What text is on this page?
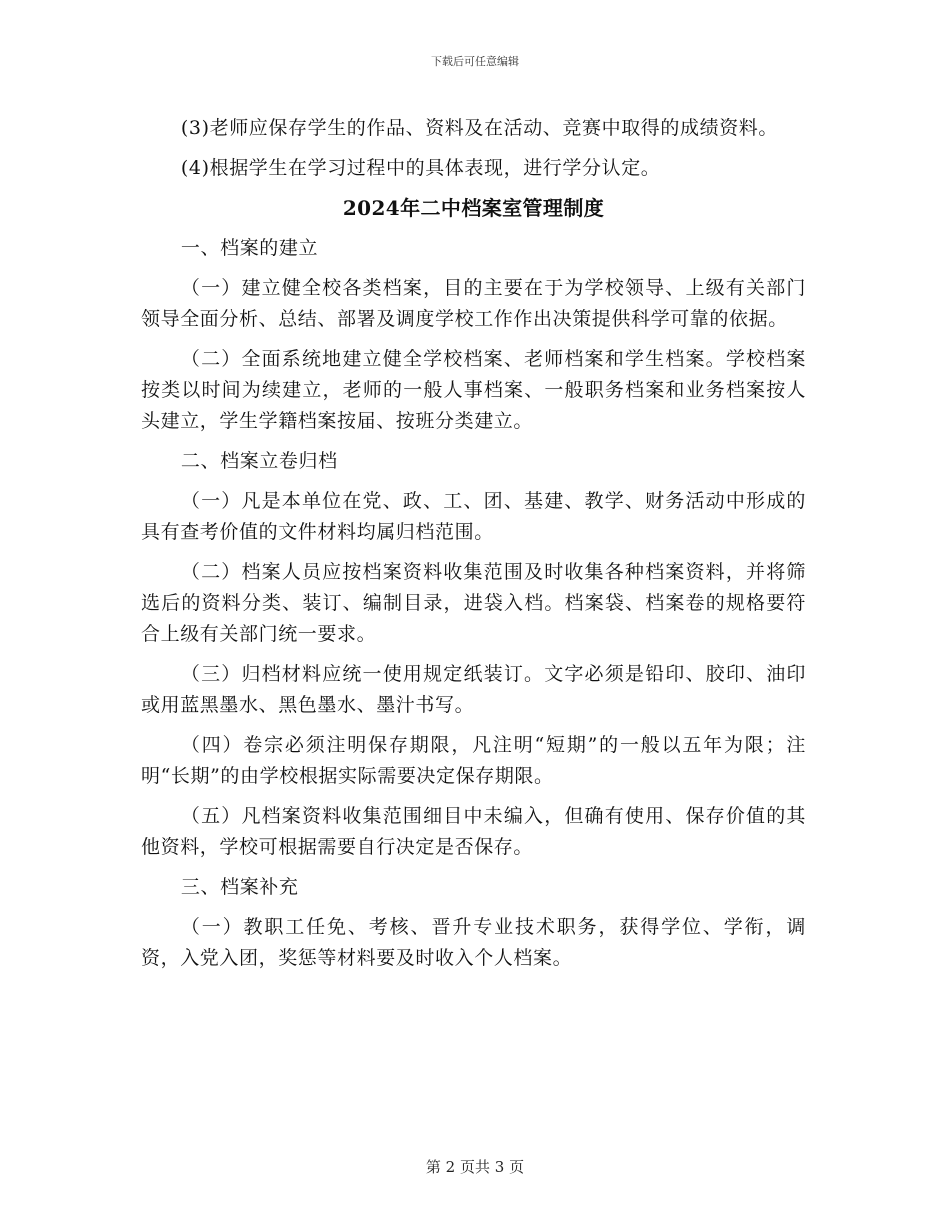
下载后可任意编辑

(3)老师应保存学生的作品、资料及在活动、竞赛中取得的成绩资料。

(4)根据学生在学习过程中的具体表现，进行学分认定。

2024年二中档案室管理制度
一、档案的建立

（一）建立健全校各类档案，目的主要在于为学校领导、上级有关部门领导全面分析、总结、部署及调度学校工作作出决策提供科学可靠的依据。

（二）全面系统地建立健全学校档案、老师档案和学生档案。学校档案按类以时间为续建立，老师的一般人事档案、一般职务档案和业务档案按人头建立，学生学籍档案按届、按班分类建立。

二、档案立卷归档

（一）凡是本单位在党、政、工、团、基建、教学、财务活动中形成的具有查考价值的文件材料均属归档范围。

（二）档案人员应按档案资料收集范围及时收集各种档案资料，并将筛选后的资料分类、装订、编制目录，进袋入档。档案袋、档案卷的规格要符合上级有关部门统一要求。

（三）归档材料应统一使用规定纸装订。文字必须是铅印、胶印、油印或用蓝黑墨水、黑色墨水、墨汁书写。

（四）卷宗必须注明保存期限，凡注明“短期”的一般以五年为限；注明“长期”的由学校根据实际需要决定保存期限。

（五）凡档案资料收集范围细目中未编入，但确有使用、保存价值的其他资料，学校可根据需要自行决定是否保存。

三、档案补充

（一）教职工任免、考核、晋升专业技术职务，获得学位、学衔，调资，入党入团，奖惩等材料要及时收入个人档案。

第 2 页共 3 页
